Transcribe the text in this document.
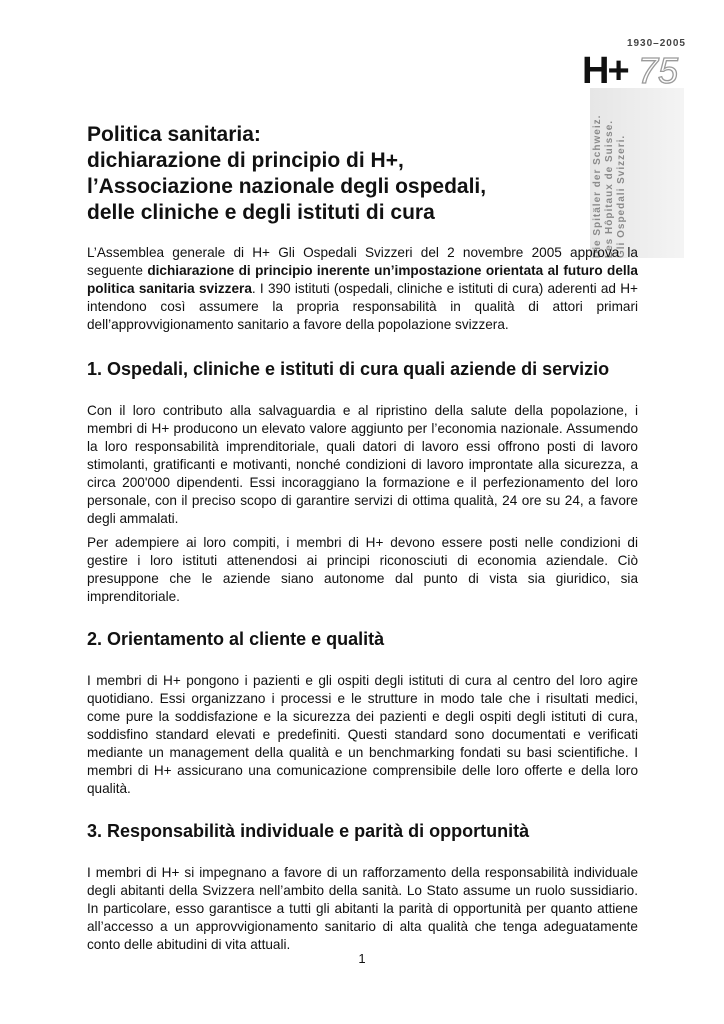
1930–2005
H+ 75
Die Spitäler der Schweiz. Les Hôpitaux de Suisse. Gli Ospedali Svizzeri.
Politica sanitaria:
dichiarazione di principio di H+,
l’Associazione nazionale degli ospedali,
delle cliniche e degli istituti di cura

L’Assemblea generale di H+ Gli Ospedali Svizzeri del 2 novembre 2005 approva la seguente dichiarazione di principio inerente un’impostazione orientata al futuro della politica sanitaria svizzera. I 390 istituti (ospedali, cliniche e istituti di cura) aderenti ad H+ intendono così assumere la propria responsabilità in qualità di attori primari dell’approvvigionamento sanitario a favore della popolazione svizzera.

1. Ospedali, cliniche e istituti di cura quali aziende di servizio

Con il loro contributo alla salvaguardia e al ripristino della salute della popolazione, i membri di H+ producono un elevato valore aggiunto per l’economia nazionale. Assumendo la loro responsabilità imprenditoriale, quali datori di lavoro essi offrono posti di lavoro stimolanti, gratificanti e motivanti, nonché condizioni di lavoro improntate alla sicurezza, a circa 200'000 dipendenti. Essi incoraggiano la formazione e il perfezionamento del loro personale, con il preciso scopo di garantire servizi di ottima qualità, 24 ore su 24, a favore degli ammalati.

Per adempiere ai loro compiti, i membri di H+ devono essere posti nelle condizioni di gestire i loro istituti attenendosi ai principi riconosciuti di economia aziendale. Ciò presuppone che le aziende siano autonome dal punto di vista sia giuridico, sia imprenditoriale.

2. Orientamento al cliente e qualità

I membri di H+ pongono i pazienti e gli ospiti degli istituti di cura al centro del loro agire quotidiano. Essi organizzano i processi e le strutture in modo tale che i risultati medici, come pure la soddisfazione e la sicurezza dei pazienti e degli ospiti degli istituti di cura, soddisfino standard elevati e predefiniti. Questi standard sono documentati e verificati mediante un management della qualità e un benchmarking fondati su basi scientifiche. I membri di H+ assicurano una comunicazione comprensibile delle loro offerte e della loro qualità.

3. Responsabilità individuale e parità di opportunità

I membri di H+ si impegnano a favore di un rafforzamento della responsabilità individuale degli abitanti della Svizzera nell’ambito della sanità. Lo Stato assume un ruolo sussidiario. In particolare, esso garantisce a tutti gli abitanti la parità di opportunità per quanto attiene all’accesso a un approvvigionamento sanitario di alta qualità che tenga adeguatamente conto delle abitudini di vita attuali.

1
